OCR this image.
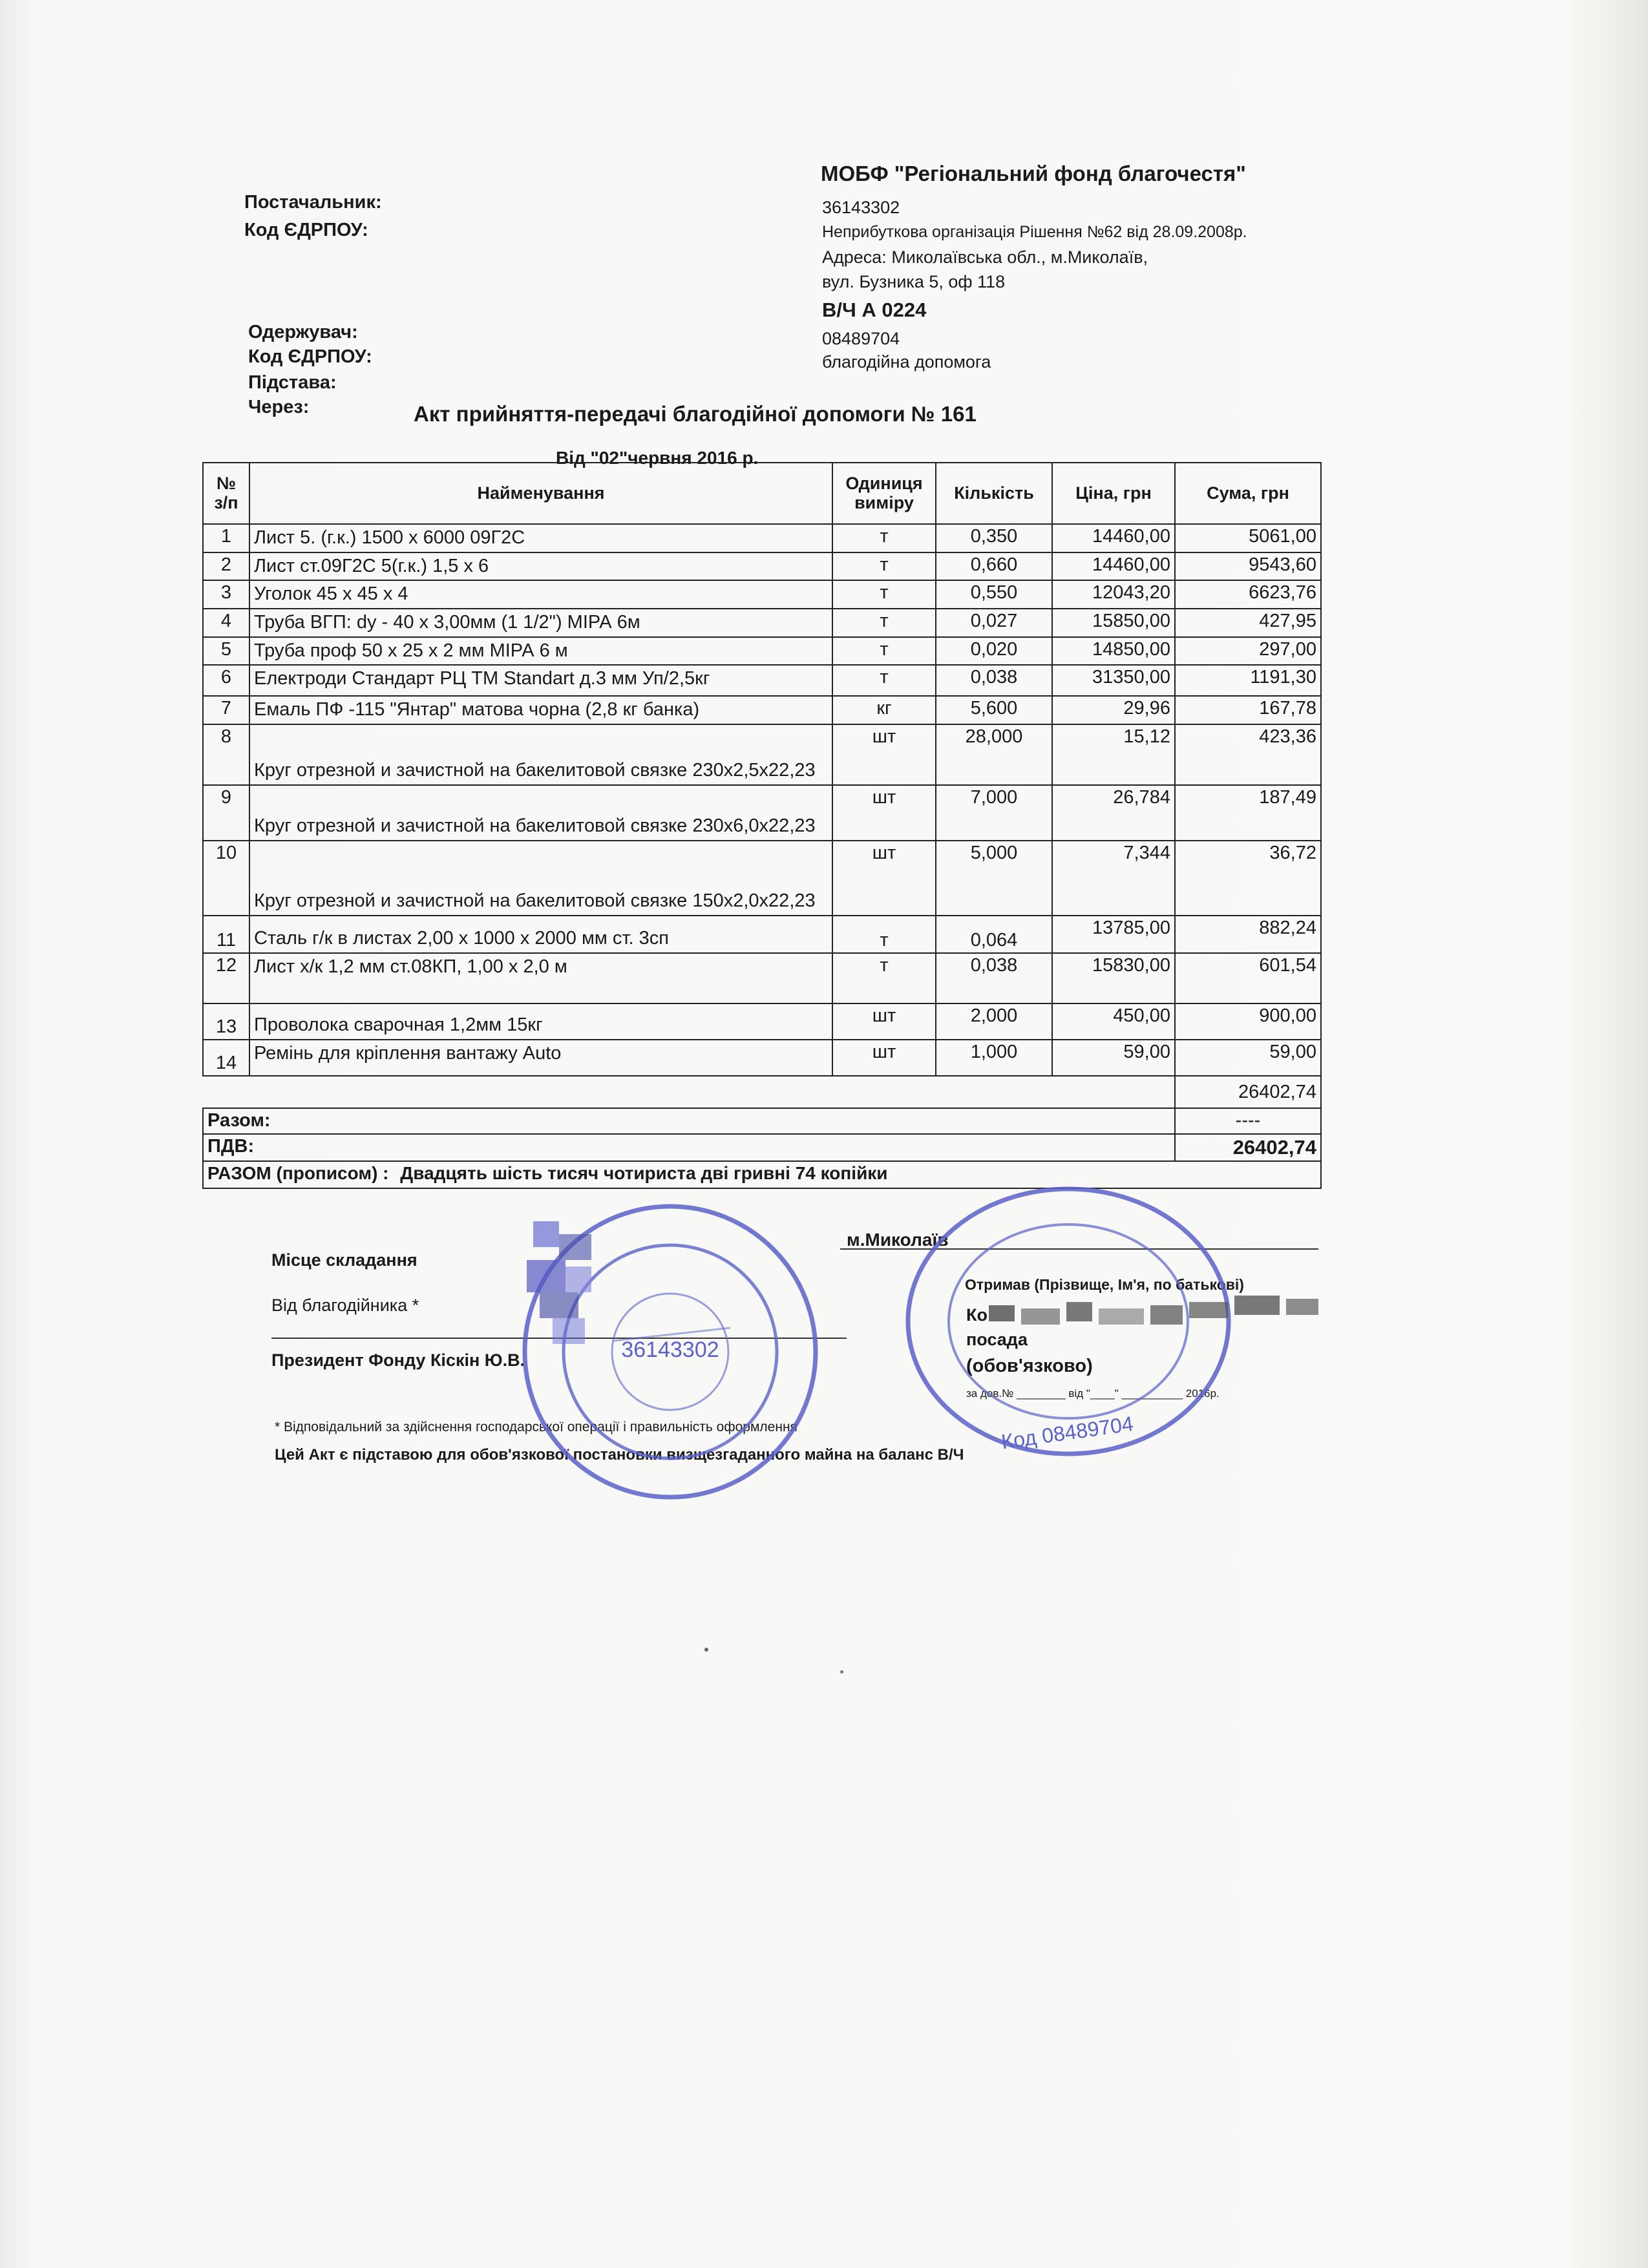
Постачальник:
Код ЄДРПОУ:
Одержувач:
Код ЄДРПОУ:
Підстава:
Через:
МОБФ "Регіональний фонд благочестя"
36143302
Неприбуткова організація Рішення №62 від 28.09.2008р.
Адреса: Миколаївська обл., м.Миколаїв,
вул. Бузника 5, оф 118
В/Ч А 0224
08489704
благодійна допомога
Акт прийняття-передачі благодійної допомоги № 161
Від "02"червня 2016 р.
№ з/п	Найменування	Одиниця виміру	Кількість	Ціна, грн	Сума, грн
1	Лист 5. (г.к.) 1500 х 6000 09Г2С	т	0,350	14460,00	5061,00
2	Лист ст.09Г2С 5(г.к.) 1,5 х 6	т	0,660	14460,00	9543,60
3	Уголок 45 х 45 х 4	т	0,550	12043,20	6623,76
4	Труба ВГП: dy - 40 х 3,00мм (1 1/2") МІРА 6м	т	0,027	15850,00	427,95
5	Труба проф 50 х 25 х 2 мм МІРА 6 м	т	0,020	14850,00	297,00
6	Електроди Стандарт РЦ ТМ Standart д.3 мм Уп/2,5кг	т	0,038	31350,00	1191,30
7	Емаль ПФ -115 "Янтар" матова чорна (2,8 кг банка)	кг	5,600	29,96	167,78
8	Круг отрезной и зачистной на бакелитовой связке 230х2,5х22,23	шт	28,000	15,12	423,36
9	Круг отрезной и зачистной на бакелитовой связке 230х6,0х22,23	шт	7,000	26,784	187,49
10	Круг отрезной и зачистной на бакелитовой связке 150х2,0х22,23	шт	5,000	7,344	36,72
11	Сталь г/к в листах 2,00 х 1000 х 2000 мм ст. 3сп	т	0,064	13785,00	882,24
12	Лист х/к 1,2 мм ст.08КП, 1,00 х 2,0 м	т	0,038	15830,00	601,54
13	Проволока сварочная 1,2мм 15кг	шт	2,000	450,00	900,00
14	Ремінь для кріплення вантажу Auto	шт	1,000	59,00	59,00
					26402,74
Разом:					----
ПДВ:					26402,74
РАЗОМ (прописом) : Двадцять шість тисяч чотириста дві гривні 74 копійки					
Місце складання
м.Миколаїв
Від благодійника *
Президент Фонду Кіскін Ю.В.
Отримав (Прізвище, Ім'я, по батькові)
Ко
посада
(обов'язково)
за дов.№ ________ від "____" __________ 2016р.
* Відповідальний за здійснення господарської операції і правильність оформлення
Цей Акт є підставою для обов'язкової постановки визщезгаданного майна на баланс В/Ч
36143302
Код 08489704
